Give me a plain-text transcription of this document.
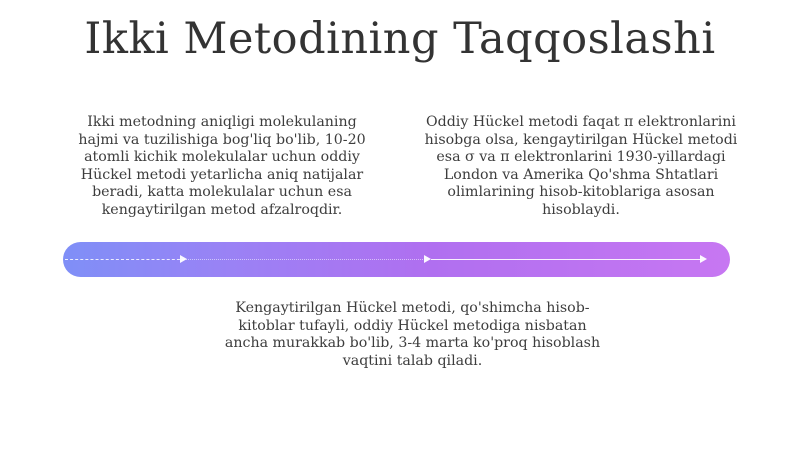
Ikki Metodining Taqqoslashi

Ikki metodning aniqligi molekulaning hajmi va tuzilishiga bog'liq bo'lib, 10-20 atomli kichik molekulalar uchun oddiy Hückel metodi yetarlicha aniq natijalar beradi, katta molekulalar uchun esa kengaytirilgan metod afzalroqdir.

Oddiy Hückel metodi faqat π elektronlarini hisobga olsa, kengaytirilgan Hückel metodi esa σ va π elektronlarini 1930-yillardagi London va Amerika Qo'shma Shtatlari olimlarining hisob-kitoblariga asosan hisoblaydi.

Kengaytirilgan Hückel metodi, qo'shimcha hisob-kitoblar tufayli, oddiy Hückel metodiga nisbatan ancha murakkab bo'lib, 3-4 marta ko'proq hisoblash vaqtini talab qiladi.
